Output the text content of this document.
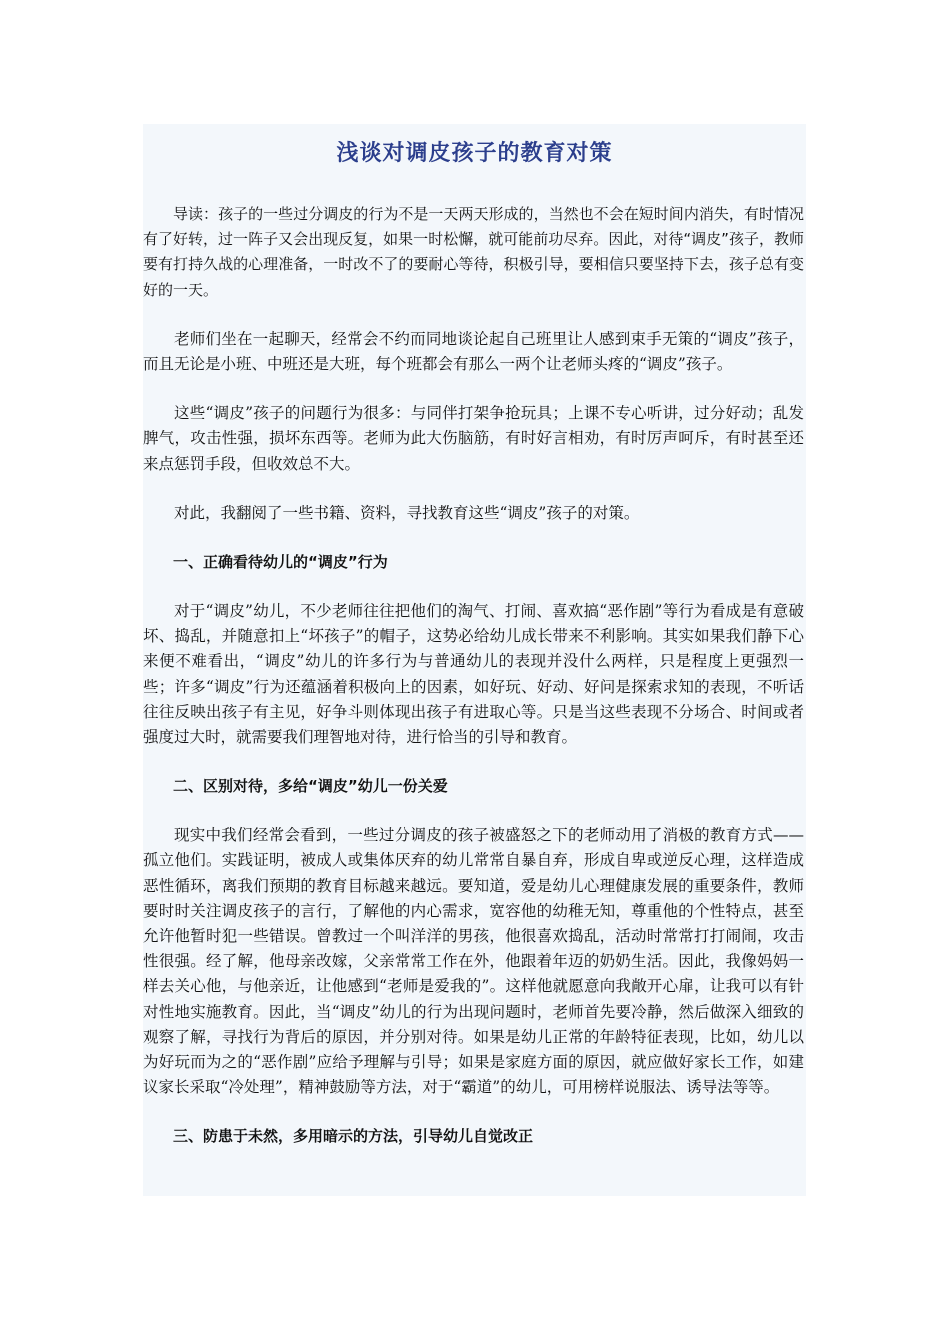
浅谈对调皮孩子的教育对策

导读：孩子的一些过分调皮的行为不是一天两天形成的，当然也不会在短时间内消失，有时情况有了好转，过一阵子又会出现反复，如果一时松懈，就可能前功尽弃。因此，对待“调皮”孩子，教师要有打持久战的心理准备，一时改不了的要耐心等待，积极引导，要相信只要坚持下去，孩子总有变好的一天。

老师们坐在一起聊天，经常会不约而同地谈论起自己班里让人感到束手无策的“调皮”孩子，而且无论是小班、中班还是大班，每个班都会有那么一两个让老师头疼的“调皮”孩子。

这些“调皮”孩子的问题行为很多：与同伴打架争抢玩具；上课不专心听讲，过分好动；乱发脾气，攻击性强，损坏东西等。老师为此大伤脑筋，有时好言相劝，有时厉声呵斥，有时甚至还来点惩罚手段，但收效总不大。

对此，我翻阅了一些书籍、资料，寻找教育这些“调皮”孩子的对策。

一、正确看待幼儿的“调皮”行为

对于“调皮”幼儿，不少老师往往把他们的淘气、打闹、喜欢搞“恶作剧”等行为看成是有意破坏、捣乱，并随意扣上“坏孩子”的帽子，这势必给幼儿成长带来不利影响。其实如果我们静下心来便不难看出，“调皮”幼儿的许多行为与普通幼儿的表现并没什么两样，只是程度上更强烈一些；许多“调皮”行为还蕴涵着积极向上的因素，如好玩、好动、好问是探索求知的表现，不听话往往反映出孩子有主见，好争斗则体现出孩子有进取心等。只是当这些表现不分场合、时间或者强度过大时，就需要我们理智地对待，进行恰当的引导和教育。

二、区别对待，多给“调皮”幼儿一份关爱

现实中我们经常会看到，一些过分调皮的孩子被盛怒之下的老师动用了消极的教育方式——孤立他们。实践证明，被成人或集体厌弃的幼儿常常自暴自弃，形成自卑或逆反心理，这样造成恶性循环，离我们预期的教育目标越来越远。要知道，爱是幼儿心理健康发展的重要条件，教师要时时关注调皮孩子的言行，了解他的内心需求，宽容他的幼稚无知，尊重他的个性特点，甚至允许他暂时犯一些错误。曾教过一个叫洋洋的男孩，他很喜欢捣乱，活动时常常打打闹闹，攻击性很强。经了解，他母亲改嫁，父亲常常工作在外，他跟着年迈的奶奶生活。因此，我像妈妈一样去关心他，与他亲近，让他感到“老师是爱我的”。这样他就愿意向我敞开心扉，让我可以有针对性地实施教育。因此，当“调皮”幼儿的行为出现问题时，老师首先要冷静，然后做深入细致的观察了解，寻找行为背后的原因，并分别对待。如果是幼儿正常的年龄特征表现，比如，幼儿以为好玩而为之的“恶作剧”应给予理解与引导；如果是家庭方面的原因，就应做好家长工作，如建议家长采取“冷处理”，精神鼓励等方法，对于“霸道”的幼儿，可用榜样说服法、诱导法等等。

三、防患于未然，多用暗示的方法，引导幼儿自觉改正
